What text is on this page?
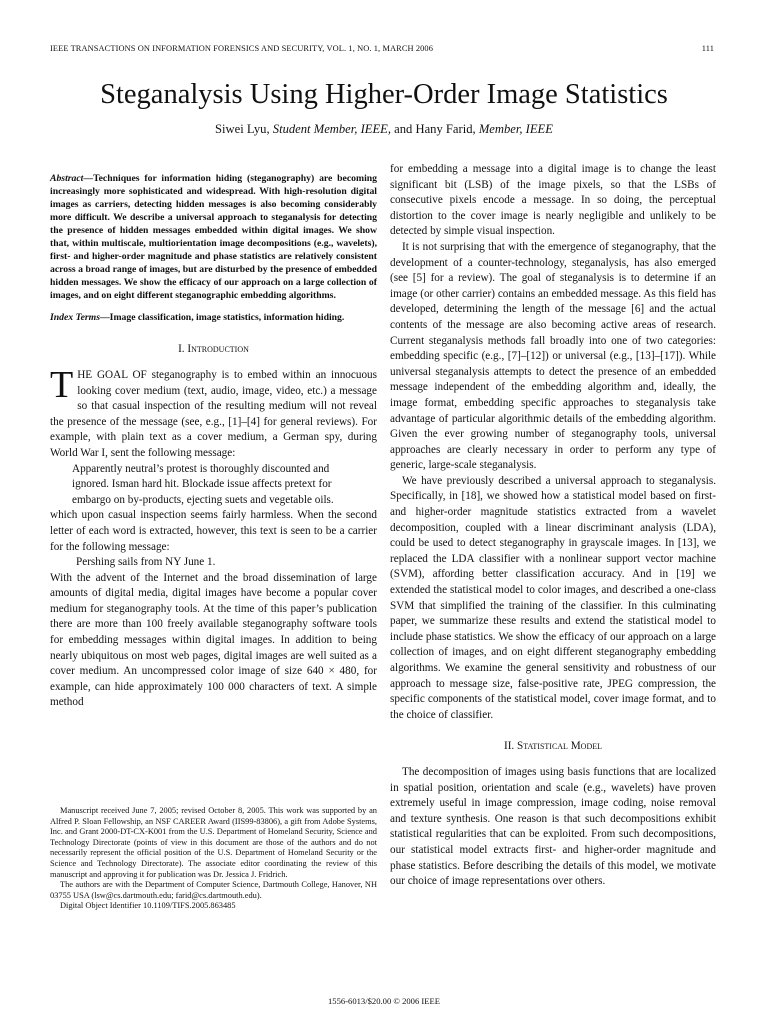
IEEE TRANSACTIONS ON INFORMATION FORENSICS AND SECURITY, VOL. 1, NO. 1, MARCH 2006	111
Steganalysis Using Higher-Order Image Statistics
Siwei Lyu, Student Member, IEEE, and Hany Farid, Member, IEEE

Abstract—Techniques for information hiding (steganography) are becoming increasingly more sophisticated and widespread. With high-resolution digital images as carriers, detecting hidden messages is also becoming considerably more difficult. We describe a universal approach to steganalysis for detecting the presence of hidden messages embedded within digital images. We show that, within multiscale, multiorientation image decompositions (e.g., wavelets), first- and higher-order magnitude and phase statistics are relatively consistent across a broad range of images, but are disturbed by the presence of embedded hidden messages. We show the efficacy of our approach on a large collection of images, and on eight different steganographic embedding algorithms.

Index Terms—Image classification, image statistics, information hiding.

I. Introduction

THE GOAL OF steganography is to embed within an innocuous looking cover medium (text, audio, image, video, etc.) a message so that casual inspection of the resulting medium will not reveal the presence of the message (see, e.g., [1]–[4] for general reviews). For example, with plain text as a cover medium, a German spy, during World War I, sent the following message:

Apparently neutral’s protest is thoroughly discounted and ignored. Isman hard hit. Blockade issue affects pretext for embargo on by-products, ejecting suets and vegetable oils.

which upon casual inspection seems fairly harmless. When the second letter of each word is extracted, however, this text is seen to be a carrier for the following message:

Pershing sails from NY June 1.

With the advent of the Internet and the broad dissemination of large amounts of digital media, digital images have become a popular cover medium for steganography tools. At the time of this paper’s publication there are more than 100 freely available steganography software tools for embedding messages within digital images. In addition to being nearly ubiquitous on most web pages, digital images are well suited as a cover medium. An uncompressed color image of size 640 × 480, for example, can hide approximately 100 000 characters of text. A simple method

Manuscript received June 7, 2005; revised October 8, 2005. This work was supported by an Alfred P. Sloan Fellowship, an NSF CAREER Award (IIS99-83806), a gift from Adobe Systems, Inc. and Grant 2000-DT-CX-K001 from the U.S. Department of Homeland Security, Science and Technology Directorate (points of view in this document are those of the authors and do not necessarily represent the official position of the U.S. Department of Homeland Security or the Science and Technology Directorate). The associate editor coordinating the review of this manuscript and approving it for publication was Dr. Jessica J. Fridrich.

The authors are with the Department of Computer Science, Dartmouth College, Hanover, NH 03755 USA (lsw@cs.dartmouth.edu; farid@cs.dartmouth.edu).

Digital Object Identifier 10.1109/TIFS.2005.863485

for embedding a message into a digital image is to change the least significant bit (LSB) of the image pixels, so that the LSBs of consecutive pixels encode a message. In so doing, the perceptual distortion to the cover image is nearly negligible and unlikely to be detected by simple visual inspection.

It is not surprising that with the emergence of steganography, that the development of a counter-technology, steganalysis, has also emerged (see [5] for a review). The goal of steganalysis is to determine if an image (or other carrier) contains an embedded message. As this field has developed, determining the length of the message [6] and the actual contents of the message are also becoming active areas of research. Current steganalysis methods fall broadly into one of two categories: embedding specific (e.g., [7]–[12]) or universal (e.g., [13]–[17]). While universal steganalysis attempts to detect the presence of an embedded message independent of the embedding algorithm and, ideally, the image format, embedding specific approaches to steganalysis take advantage of particular algorithmic details of the embedding algorithm. Given the ever growing number of steganography tools, universal approaches are clearly necessary in order to perform any type of generic, large-scale steganalysis.

We have previously described a universal approach to steganalysis. Specifically, in [18], we showed how a statistical model based on first- and higher-order magnitude statistics extracted from a wavelet decomposition, coupled with a linear discriminant analysis (LDA), could be used to detect steganography in grayscale images. In [13], we replaced the LDA classifier with a nonlinear support vector machine (SVM), affording better classification accuracy. And in [19] we extended the statistical model to color images, and described a one-class SVM that simplified the training of the classifier. In this culminating paper, we summarize these results and extend the statistical model to include phase statistics. We show the efficacy of our approach on a large collection of images, and on eight different steganography embedding algorithms. We examine the general sensitivity and robustness of our approach to message size, false-positive rate, JPEG compression, the specific components of the statistical model, cover image format, and to the choice of classifier.

II. Statistical Model

The decomposition of images using basis functions that are localized in spatial position, orientation and scale (e.g., wavelets) have proven extremely useful in image compression, image coding, noise removal and texture synthesis. One reason is that such decompositions exhibit statistical regularities that can be exploited. From such decompositions, our statistical model extracts first- and higher-order magnitude and phase statistics. Before describing the details of this model, we motivate our choice of image representations over others.

1556-6013/$20.00 © 2006 IEEE
